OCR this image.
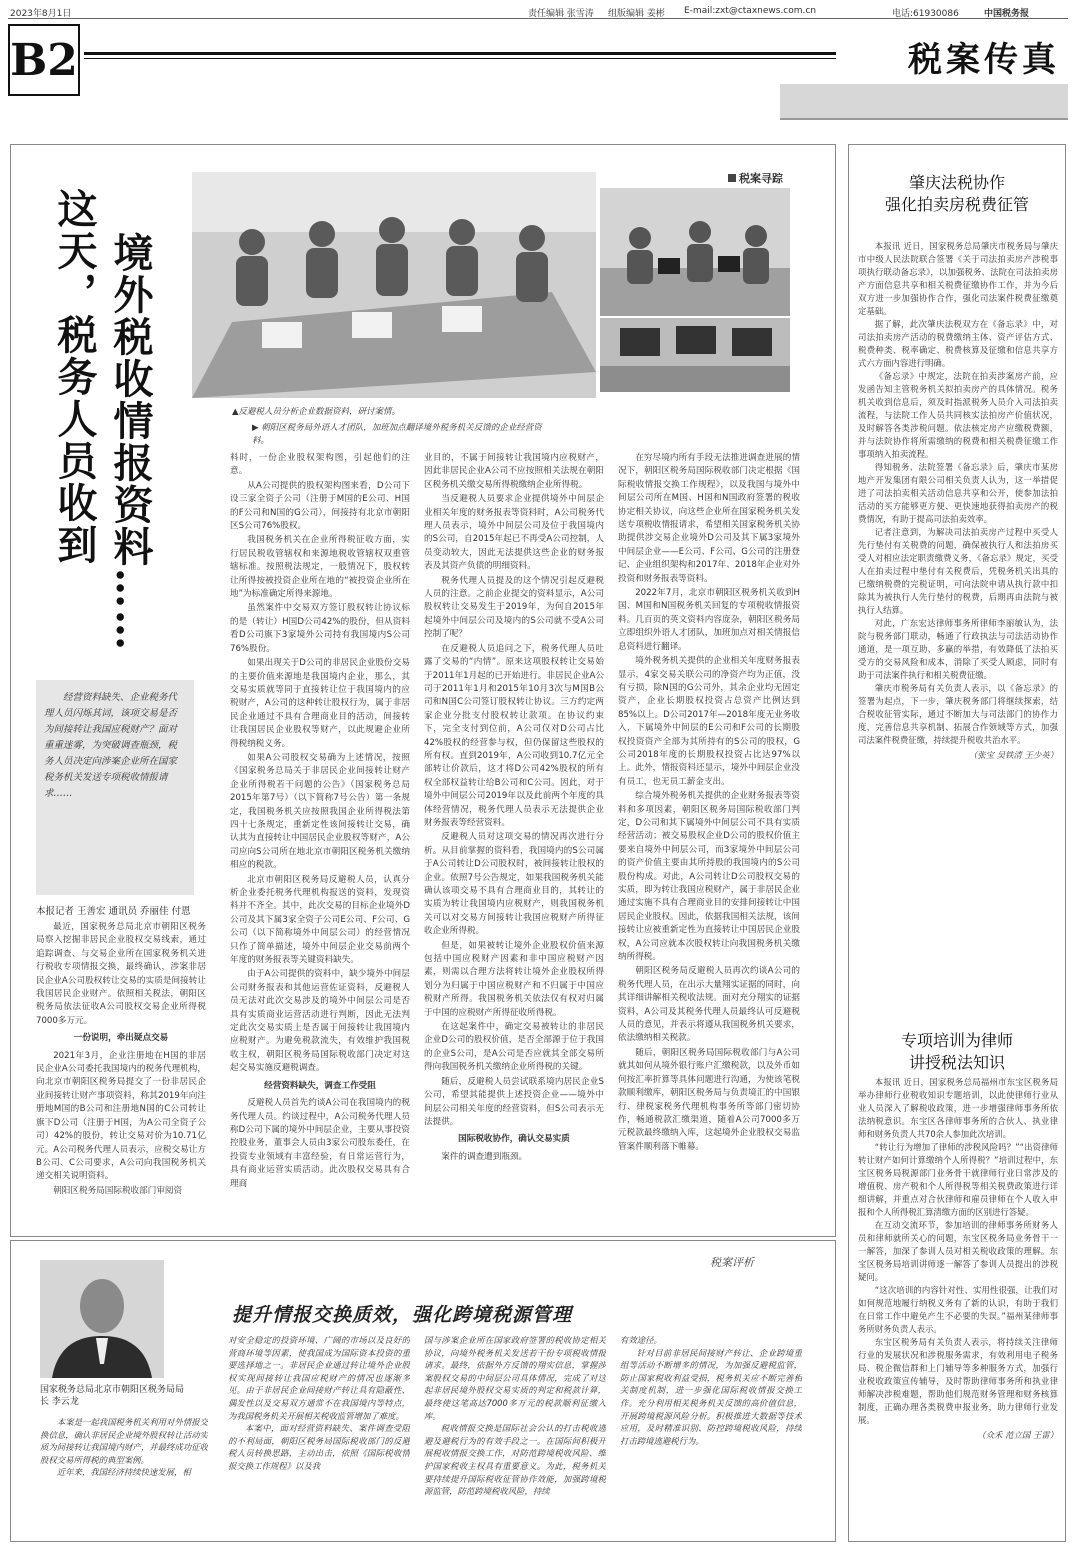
2023年8月1日	责任编辑 张雪涛 组版编辑 姜彬 E-mail:zxt@ctaxnews.com.cn	电话:61930086	中国税务报
B2	税案传真
税案寻踪
境外税收情报资料……
这天，税务人员收到	▲反避税人员分析企业数据资料，研讨案情。
▶ 朝阳区税务局外语人才团队，加班加点翻译境外税务机关反馈的企业经营资料。
经营资料缺失、企业税务代理人员闪烁其词，该项交易是否为间接转让我国应税财产？面对重重迷雾，为突破调查瓶颈，税务人员决定向涉案企业所在国家税务机关发送专项税收情报请求……
本报记者 王善宏 通讯员 乔丽佳 付恩

最近，国家税务总局北京市朝阳区税务局察入挖掘非居民企业股权交易线索，通过追踪调查、与交易企业所在国家税务机关进行税收专项情报交换，最终确认，涉案非居民企业A公司股权转让交易的实质是间接转让我国居民企业财产。依照相关税法，朝阳区税务局依法征收A公司股权交易企业所得税7000多万元。

一份说明，牵出疑点交易

2021年3月，企业注册地在H国的非居民企业A公司委托我国境内的税务代理机构，向北京市朝阳区税务局提交了一份非居民企业间接转让财产事项资料，称其2019年向注册地M国的B公司和注册地N国的C公司转让旗下D公司（注册于H国，为A公司全资子公司）42%的股份，转让交易对价为10.71亿元。A公司税务代理人员表示，应税交易让方B公司、C公司要求，A公司向我国税务机关递交相关说明资料。

朝阳区税务局国际税收部门审阅资

料时，一份企业股权架构图，引起他们的注意。

从A公司提供的股权架构图来看，D公司下设三家全资子公司（注册于M国的E公司、H国的F公司和N国的G公司），间接持有北京市朝阳区S公司76%股权。

我国税务机关在企业所得税征收方面，实行居民税收管辖权和来源地税收管辖权双重管辖标准。按照税法规定，一般情况下，股权转让所得按被投资企业所在地的“被投资企业所在地”为标准确定所得来源地。

虽然案件中交易双方签订股权转让协议标的是（转让）H国D公司42%的股份，但从资料看D公司旗下3家境外公司持有我国境内S公司76%股份。

如果出现关于D公司的非居民企业股份交易的主要价值来源地是我国境内企业，那么，其交易实质就等同于直接转让位于我国境内的应税财产，A公司的这种转让股权行为，属于非居民企业通过不具有合理商业目的活动，间接转让我国居民企业股权等财产，以此规避企业所得税纳税义务。

如果A公司股权交易确为上述情况，按照《国家税务总局关于非居民企业间接转让财产企业所得税若干问题的公告》（国家税务总局2015年第7号）（以下简称7号公告）第一条规定，我国税务机关应按照我国企业所得税法第四十七条规定，重新定性该间接转让交易，确认其为直接转让中国居民企业股权等财产，A公司应向S公司所在地北京市朝阳区税务机关缴纳相应的税款。

北京市朝阳区税务局反避税人员，认真分析企业委托税务代理机构报送的资料，发现资料并不齐全。其中，此次交易的目标企业境外D公司及其下属3家全资子公司E公司、F公司、G公司（以下简称境外中间层公司）的经营情况只作了简单描述，境外中间层企业交易前两个年度的财务报表等关键资料缺失。

由于A公司提供的资料中，缺少境外中间层公司财务报表和其他运营佐证资料，反避税人员无法对此次交易涉及的境外中间层公司是否具有实质商业运营活动进行判断，因此无法判定此次交易实质上是否属于间接转让我国境内应税财产。为避免税款流失，有效维护我国税收主权，朝阳区税务局国际税收部门决定对这起交易实施反避税调查。

经营资料缺失，调查工作受阻

反避税人员首先约谈A公司在我国境内的税务代理人员。约谈过程中，A公司税务代理人员称D公司下属的境外中间层企业，主要从事投资控股业务，董事会人员由3家公司股东委任，在投资专业领域有丰富经验，有日常运营行为，具有商业运营实质活动。此次股权交易具有合理商

业目的，不属于间接转让我国境内应税财产，因此非居民企业A公司不应按照相关法规在朝阳区税务机关缴交易所得税缴纳企业所得税。

当反避税人员要求企业提供境外中间层企业相关年度的财务报表等资料时，A公司税务代理人员表示，境外中间层公司及位于我国境内的S公司，自2015年起已不再受A公司控制，人员变动较大，因此无法提供这些企业的财务报表及其资产负债的明细资料。

税务代理人员提及的这个情况引起反避税人员的注意。之前企业提交的资料显示，A公司股权转让交易发生于2019年，为何自2015年起境外中间层公司及境内的S公司就不受A公司控制了呢？

在反避税人员追问之下，税务代理人员吐露了交易的“内情”。原来这项股权转让交易始于2011年1月起的已开始进行。非居民企业A公司于2011年1月和2015年10月3次与M国B公司和N国C公司签订股权转让协议。三方约定两家企业分批支付股权转让款项。在协议约束下，完全支付到位前，A公司仅对D公司占比42%股权的经营参与权，但仍保留这些股权的所有权。直到2019年，A公司收到10.7亿元全部转让价款后，这才将D公司42%股权的所有权全部权益转让给B公司和C公司。因此，对于境外中间层公司2019年以及此前两个年度的具体经营情况，税务代理人员表示无法提供企业财务报表等经营资料。

反避税人员对这项交易的情况再次进行分析。从目前掌握的资料看，我国境内的S公司属于A公司转让D公司股权时，被间接转让股权的企业。依照7号公告规定，如果我国税务机关能确认该项交易不具有合理商业目的，其转让的实质为转让我国境内应税财产，则我国税务机关可以对交易方间接转让我国应税财产所得征收企业所得税。

但是，如果被转让境外企业股权价值来源包括中国应税财产因素和非中国应税财产因素，则需以合理方法将转让境外企业股权所得划分为归属于中国应税财产和不归属于中国应税财产所得。我国税务机关依法仅有权对归属于中国的应税财产所得征收所得税。

在这起案件中，确定交易被转让的非居民企业D公司的股权价值，是否全部源于位于我国的企业S公司，是A公司是否应就其全部交易所得向我国税务机关缴纳企业所得税的关键。

随后，反避税人员尝试联系境内居民企业S公司，希望其能提供上述投资企业——境外中间层公司相关年度的经营资料，但S公司表示无法提供。

国际税收协作，确认交易实质

案件的调查遭到瓶颈。

在穷尽境内所有手段无法推进调查进展的情况下，朝阳区税务局国际税收部门决定根据《国际税收情报交换工作规程》，以及我国与境外中间层公司所在M国、H国和N国政府签署的税收协定相关协议，向这些企业所在国家税务机关发送专项税收情报请求，希望相关国家税务机关协助提供涉交易企业境外D公司及其下属3家境外中间层企业——E公司、F公司、G公司的注册登记、企业组织架构和2017年、2018年企业对外投资和财务报表等资料。

2022年7月，北京市朝阳区税务机关收到H国、M国和N国税务机关回复的专项税收情报资料。几百页的英文资料内容庞杂，朝阳区税务局立即组织外语人才团队，加班加点对相关情报信息资料进行翻译。

境外税务机关提供的企业相关年度财务报表显示，4家交易关联公司的净资产均为正值，没有亏损，除N国的G公司外，其余企业均无固定资产，企业长期股权投资占总资产比例达到85%以上。D公司2017年—2018年度无业务收入，下属境外中间层的E公司和F公司的长期股权投资资产全部为其所持有的S公司的股权，G公司2018年度的长期股权投资占比达97%以上。此外，情报资料还显示，境外中间层企业没有员工，也无员工薪金支出。

综合境外税务机关提供的企业财务报表等资料和多项因素，朝阳区税务局国际税收部门判定，D公司和其下属境外中间层公司不具有实质经营活动；被交易股权企业D公司的股权价值主要来自境外中间层公司，而3家境外中间层公司的资产价值主要由其所持股的我国境内的S公司股份构成。对此，A公司转让D公司股权交易的实质，即为转让我国应税财产，属于非居民企业通过实施不具有合理商业目的安排间接转让中国居民企业股权。因此，依据我国相关法规，该间接转让应被重新定性为直接转让中国居民企业股权，A公司应就本次股权转让向我国税务机关缴纳所得税。

朝阳区税务局反避税人员再次约谈A公司的税务代理人员，在出示大量翔实证据的同时，向其详细讲解相关税收法规。面对充分翔实的证据资料，A公司及其税务代理人员最终认可反避税人员的意见，并表示将遵从我国税务机关要求，依法缴纳相关税款。

随后，朝阳区税务局国际税收部门与A公司就其如何从境外银行账户汇缴税款，以及外币如何按汇率折算等具体问题进行沟通，为使该笔税款顺利缴库，朝阳区税务局与负责境汇的中国银行、律税家税务代理机构事务所等部门密切协作，畅通税款汇缴渠道，随着A公司7000多万元税款最终缴纳入库，这起境外企业股权交易监管案件顺利落下帷幕。

税案评析
提升情报交换质效，强化跨境税源管理
国家税务总局北京市朝阳区税务局局长 李云龙

本案是一起我国税务机关利用对外情报交换信息，确认非居民企业境外股权转让活动实质为间接转让我国境内财产，并最终成功征收股权交易所得税的典型案例。

近年来，我国经济持续快速发展，相

对安全稳定的投资环境、广阔的市场以及良好的营商环境等因素，使我国成为国际资本投资的重要选择地之一。非居民企业通过转让境外企业股权实现间接转让我国应税财产的情况也逐渐多见。由于非居民企业间接财产转让具有隐蔽性、偶发性以及交易双方通常不在我国境内等特点，为我国税务机关开展相关税收监管增加了难度。

本案中，面对经营资料缺失、案件调查受阻的不利局面，朝阳区税务局国际税收部门的反避税人员转换思路，主动出击，依照《国际税收情报交换工作规程》以及我

国与涉案企业所在国家政府签署的税收协定相关协议，向境外税务机关发送若干份专项税收情报请求。最终，依据外方反馈的翔实信息，掌握涉案股权交易的中间层公司具体情况，完成了对这起非居民境外股权交易实质的判定和税款计算，最终使这笔高达7000多万元的税款顺利征缴入库。

税收情报交换是国际社会公认的打击税收逃避及避税行为的有效手段之一。在国际间积极开展税收情报交换工作，对防范跨境税收风险、维护国家税收主权具有重要意义。为此，税务机关要持续提升国际税收征管协作效能，加强跨境税源监管，防范跨境税收风险，持续

有效途径。

针对目前非居民间接财产转让、企业跨境重组等活动不断增多的情况，为加强反避税监管，防止国家税收利益受损，税务机关应不断完善相关制度机制，进一步强化国际税收情报交换工作。充分利用相关税务机关反馈的高价值信息，开展跨境税源风险分析。积极推进大数据等技术应用，及时精准识别、防控跨境税收风险，持续打击跨境逃避税行为。

肇庆法税协作
强化拍卖房税费征管

本报讯 近日，国家税务总局肇庆市税务局与肇庆市中级人民法院联合签署《关于司法拍卖房产涉税事项执行联动备忘录》，以加强税务、法院在司法拍卖房产方面信息共享和相关税费征缴协作工作，并为今后双方进一步加强协作合作，强化司法案件税费征缴奠定基础。

据了解，此次肇庆法税双方在《备忘录》中，对司法拍卖房产活动的税费缴纳主体、资产评估方式、税费种类、税率确定、税费核算及征缴和信息共享方式六方面内容进行明确。

《备忘录》中规定，法院在拍卖涉案房产前，应发函告知主管税务机关拟拍卖房产的具体情况。税务机关收到信息后，须及时指派税务人员介入司法拍卖流程，与法院工作人员共同核实法拍房产价值状况，及时解答各类涉税问题。依法核定房产应缴税费额，并与法院协作将所需缴纳的税费和相关税费征缴工作事项纳入拍卖流程。

得知税务、法院签署《备忘录》后，肇庆市某房地产开发集团有限公司相关负责人认为，这一举措促进了司法拍卖相关活动信息共享和公开，使参加法拍活动的买方能够更方便、更快速地获得拍卖房产的税费情况，有助于提高司法拍卖效率。

记者注意到，为解决司法拍卖房产过程中买受人先行垫付有关税费的问题，确保被执行人和法拍房买受人对相应法定职责缴费义务，《备忘录》规定，买受人在拍卖过程中垫付有关税费后，凭税务机关出具的已缴纳税费的完税证明，可向法院申请从执行款中扣除其为被执行人先行垫付的税费，后期再由法院与被执行人结算。

对此，广东宏达律师事务所律师李丽敏认为，法院与税务部门联动，畅通了行政执法与司法活动协作通道，是一项互助、多赢的举措，有效降低了法拍买受方的交易风险和成本，消除了买受人顾虑，同时有助于司法案件执行和相关税费征缴。

肇庆市税务局有关负责人表示，以《备忘录》的签署为起点，下一步，肇庆税务部门将继续探索，结合税收征管实际，通过不断加大与司法部门的协作力度，完善信息共享机制、拓展合作领域等方式，加强司法案件税费征缴，持续提升税收共治水平。

（张宝 吴铁清 王少英）

专项培训为律师
讲授税法知识

本报讯 近日，国家税务总局福州市东宝区税务局举办律师行业税收知识专题培训，以此使律师行业从业人员深入了解税收政策，进一步增强律师事务所依法纳税意识。东宝区各律师事务所的合伙人、执业律师和财务负责人共70余人参加此次培训。

“转让行为增加了律师的涉税风险吗？”“出资律师转让财产如何计算缴纳个人所得税？”培训过程中，东宝区税务局税源部门业务骨干就律师行业日常涉及的增值税、房产税和个人所得税等相关税费政策进行详细讲解，并重点对合伙律师和雇员律师在个人收入申报和个人所得税汇算清缴方面的区别进行答疑。

在互动交流环节，参加培训的律师事务所财务人员和律师就所关心的问题，东宝区税务局业务骨干一一解答，加深了参训人员对相关税收政策的理解。东宝区税务局培训讲师逐一解答了参训人员提出的涉税疑问。

“这次培训的内容针对性、实用性很强，让我们对如何规范地履行纳税义务有了新的认识，有助于我们在日常工作中避免产生不必要的失误。”福州某律师事务所财务负责人表示。

东宝区税务局有关负责人表示，将持续关注律师行业的发展状况和涉税服务需求，有效利用电子税务局、税企微信群和上门辅导等多种服务方式，加强行业税收政策宣传辅导，及时帮助律师事务所和执业律师解决涉税难题，帮助他们规范财务管理和财务核算制度，正确办理各类税费申报业务，助力律师行业发展。

（众禾 范立国 王雷）
